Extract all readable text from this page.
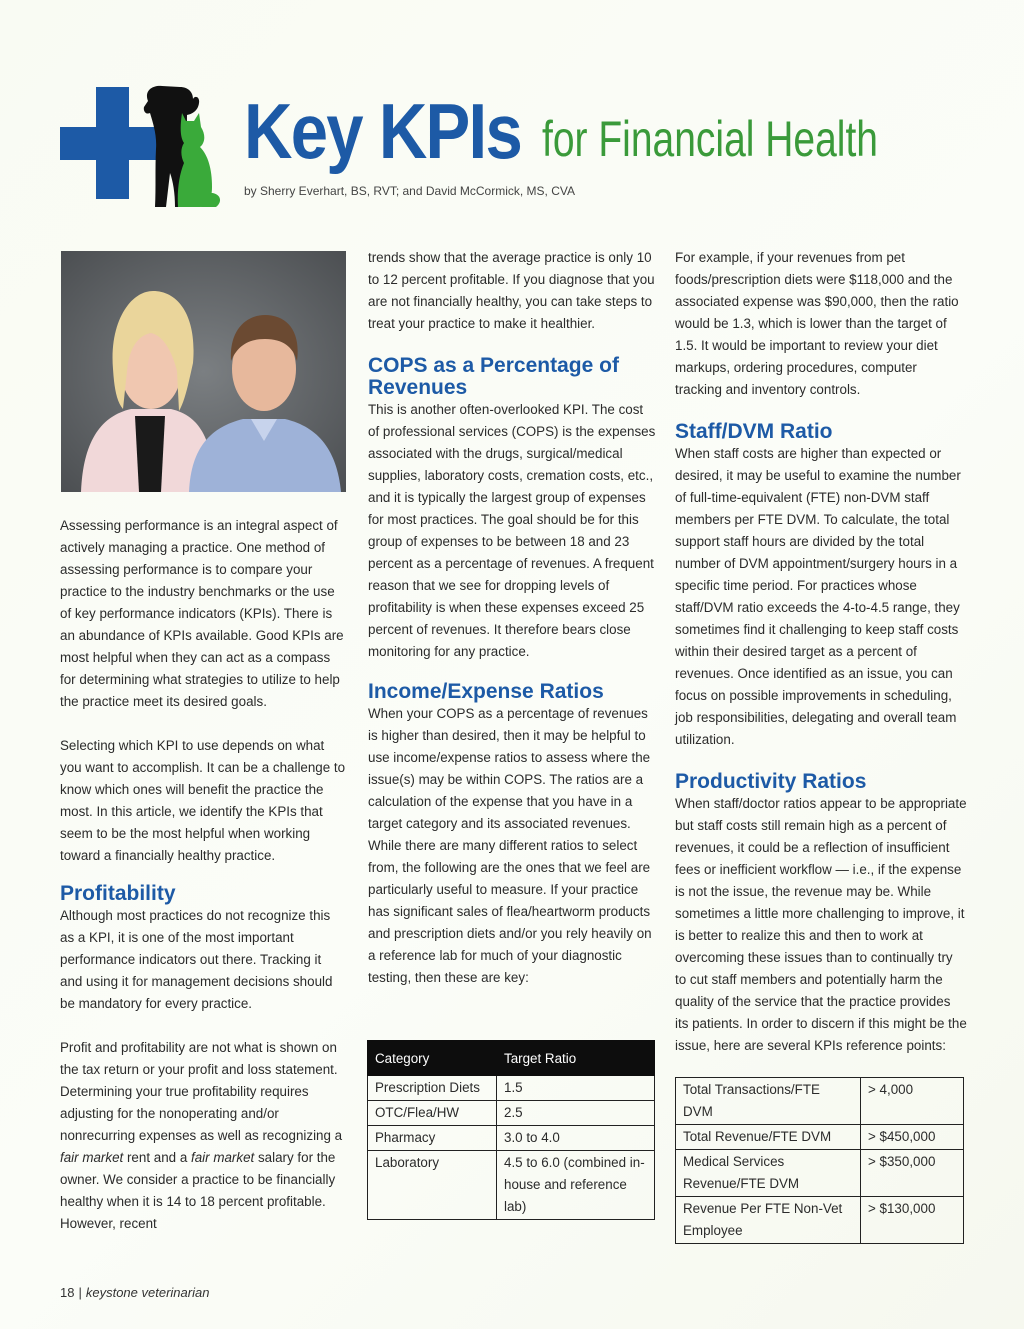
Key KPIs for Financial Health
by Sherry Everhart, BS, RVT; and David McCormick, MS, CVA

Assessing performance is an integral aspect of actively managing a practice. One method of assessing performance is to compare your practice to the industry benchmarks or the use of key performance indicators (KPIs). There is an abundance of KPIs available. Good KPIs are most helpful when they can act as a compass for determining what strategies to utilize to help the practice meet its desired goals.

Selecting which KPI to use depends on what you want to accomplish. It can be a challenge to know which ones will benefit the practice the most. In this article, we identify the KPIs that seem to be the most helpful when working toward a financially healthy practice.

Profitability

Although most practices do not recognize this as a KPI, it is one of the most important performance indicators out there. Tracking it and using it for management decisions should be mandatory for every practice.

Profit and profitability are not what is shown on the tax return or your profit and loss statement. Determining your true profitability requires adjusting for the nonoperating and/or nonrecurring expenses as well as recognizing a fair market rent and a fair market salary for the owner. We consider a practice to be financially healthy when it is 14 to 18 percent profitable. However, recent

trends show that the average practice is only 10 to 12 percent profitable. If you diagnose that you are not financially healthy, you can take steps to treat your practice to make it healthier.

COPS as a Percentage of Revenues

This is another often-overlooked KPI. The cost of professional services (COPS) is the expenses associated with the drugs, surgical/medical supplies, laboratory costs, cremation costs, etc., and it is typically the largest group of expenses for most practices. The goal should be for this group of expenses to be between 18 and 23 percent as a percentage of revenues. A frequent reason that we see for dropping levels of profitability is when these expenses exceed 25 percent of revenues. It therefore bears close monitoring for any practice.

Income/Expense Ratios

When your COPS as a percentage of revenues is higher than desired, then it may be helpful to use income/expense ratios to assess where the issue(s) may be within COPS. The ratios are a calculation of the expense that you have in a target category and its associated revenues. While there are many different ratios to select from, the following are the ones that we feel are particularly useful to measure. If your practice has significant sales of flea/heartworm products and prescription diets and/or you rely heavily on a reference lab for much of your diagnostic testing, then these are key:

Category	Target Ratio
Prescription Diets	1.5
OTC/Flea/HW	2.5
Pharmacy	3.0 to 4.0
Laboratory	4.5 to 6.0 (combined in-house and reference lab)

For example, if your revenues from pet foods/prescription diets were $118,000 and the associated expense was $90,000, then the ratio would be 1.3, which is lower than the target of 1.5. It would be important to review your diet markups, ordering procedures, computer tracking and inventory controls.

Staff/DVM Ratio

When staff costs are higher than expected or desired, it may be useful to examine the number of full-time-equivalent (FTE) non-DVM staff members per FTE DVM. To calculate, the total support staff hours are divided by the total number of DVM appointment/surgery hours in a specific time period. For practices whose staff/DVM ratio exceeds the 4-to-4.5 range, they sometimes find it challenging to keep staff costs within their desired target as a percent of revenues. Once identified as an issue, you can focus on possible improvements in scheduling, job responsibilities, delegating and overall team utilization.

Productivity Ratios

When staff/doctor ratios appear to be appropriate but staff costs still remain high as a percent of revenues, it could be a reflection of insufficient fees or inefficient workflow — i.e., if the expense is not the issue, the revenue may be. While sometimes a little more challenging to improve, it is better to realize this and then to work at overcoming these issues than to continually try to cut staff members and potentially harm the quality of the service that the practice provides its patients. In order to discern if this might be the issue, here are several KPIs reference points:

Total Transactions/FTE DVM	> 4,000
Total Revenue/FTE DVM	> $450,000
Medical Services Revenue/FTE DVM	> $350,000
Revenue Per FTE Non-Vet Employee	> $130,000
18 | keystone veterinarian
